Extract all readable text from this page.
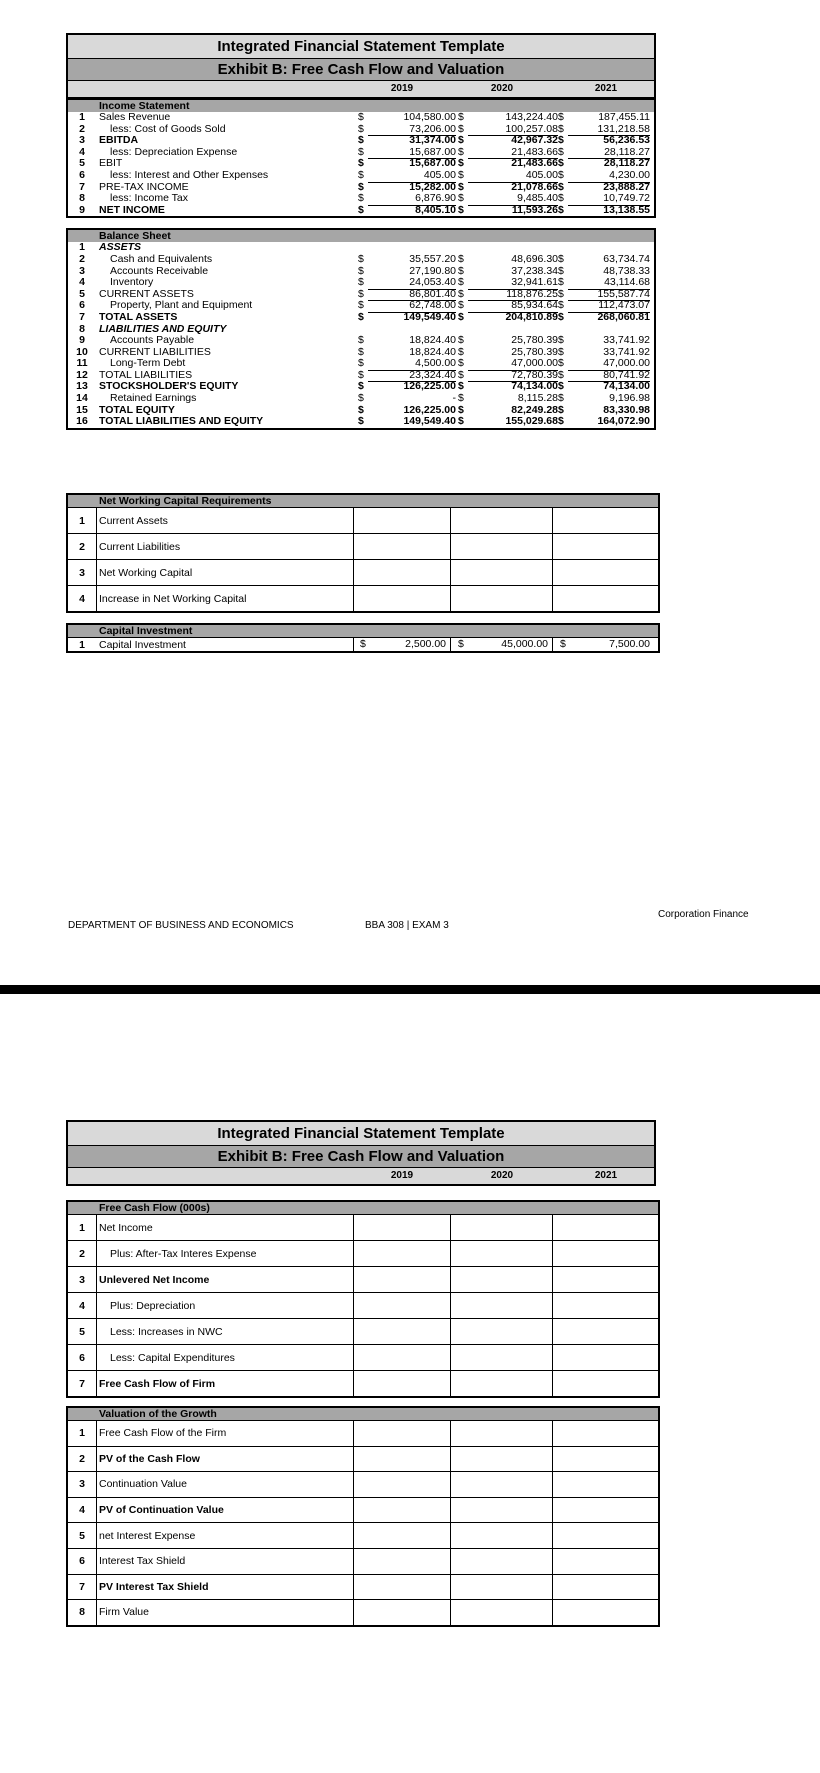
Integrated Financial Statement Template
Exhibit B: Free Cash Flow and Valuation
2019	2020	2021
Income Statement
1	Sales Revenue	$	104,580.00 $	143,224.40 $	187,455.11
2	less: Cost of Goods Sold	$	73,206.00 $	100,257.08 $	131,218.58
3	EBITDA	$	31,374.00 $	42,967.32 $	56,236.53
4	less: Depreciation Expense	$	15,687.00 $	21,483.66 $	28,118.27
5	EBIT	$	15,687.00 $	21,483.66 $	28,118.27
6	less: Interest and Other Expenses	$	405.00 $	405.00 $	4,230.00
7	PRE-TAX INCOME	$	15,282.00 $	21,078.66 $	23,888.27
8	less: Income Tax	$	6,876.90 $	9,485.40 $	10,749.72
9	NET INCOME	$	8,405.10 $	11,593.26 $	13,138.55
Balance Sheet
1	ASSETS
2	Cash and Equivalents	$	35,557.20 $	48,696.30 $	63,734.74
3	Accounts Receivable	$	27,190.80 $	37,238.34 $	48,738.33
4	Inventory	$	24,053.40 $	32,941.61 $	43,114.68
5	CURRENT ASSETS	$	86,801.40 $	118,876.25 $	155,587.74
6	Property, Plant and Equipment	$	62,748.00 $	85,934.64 $	112,473.07
7	TOTAL ASSETS	$	149,549.40 $	204,810.89 $	268,060.81
8	LIABILITIES AND EQUITY
9	Accounts Payable	$	18,824.40 $	25,780.39 $	33,741.92
10	CURRENT LIABILITIES	$	18,824.40 $	25,780.39 $	33,741.92
11	Long-Term Debt	$	4,500.00 $	47,000.00 $	47,000.00
12	TOTAL LIABILITIES	$	23,324.40 $	72,780.39 $	80,741.92
13	STOCKSHOLDER'S EQUITY	$	126,225.00 $	74,134.00 $	74,134.00
14	Retained Earnings	$	- $	8,115.28 $	9,196.98
15	TOTAL EQUITY	$	126,225.00 $	82,249.28 $	83,330.98
16	TOTAL LIABILITIES AND EQUITY	$	149,549.40 $	155,029.68 $	164,072.90
Net Working Capital Requirements
1	Current Assets
2	Current Liabilities
3	Net Working Capital
4	Increase in Net Working Capital
Capital Investment
1	Capital Investment	$	2,500.00 $	45,000.00 $	7,500.00
Corporation Finance
DEPARTMENT OF BUSINESS AND ECONOMICS	BBA 308 | EXAM 3
Integrated Financial Statement Template
Exhibit B: Free Cash Flow and Valuation
2019	2020	2021
Free Cash Flow (000s)
1	Net Income
2	Plus: After-Tax Interes Expense
3	Unlevered Net Income
4	Plus: Depreciation
5	Less: Increases in NWC
6	Less: Capital Expenditures
7	Free Cash Flow of Firm
Valuation of the Growth
1	Free Cash Flow of the Firm
2	PV of the Cash Flow
3	Continuation Value
4	PV of Continuation Value
5	net Interest Expense
6	Interest Tax Shield
7	PV Interest Tax Shield
8	Firm Value
